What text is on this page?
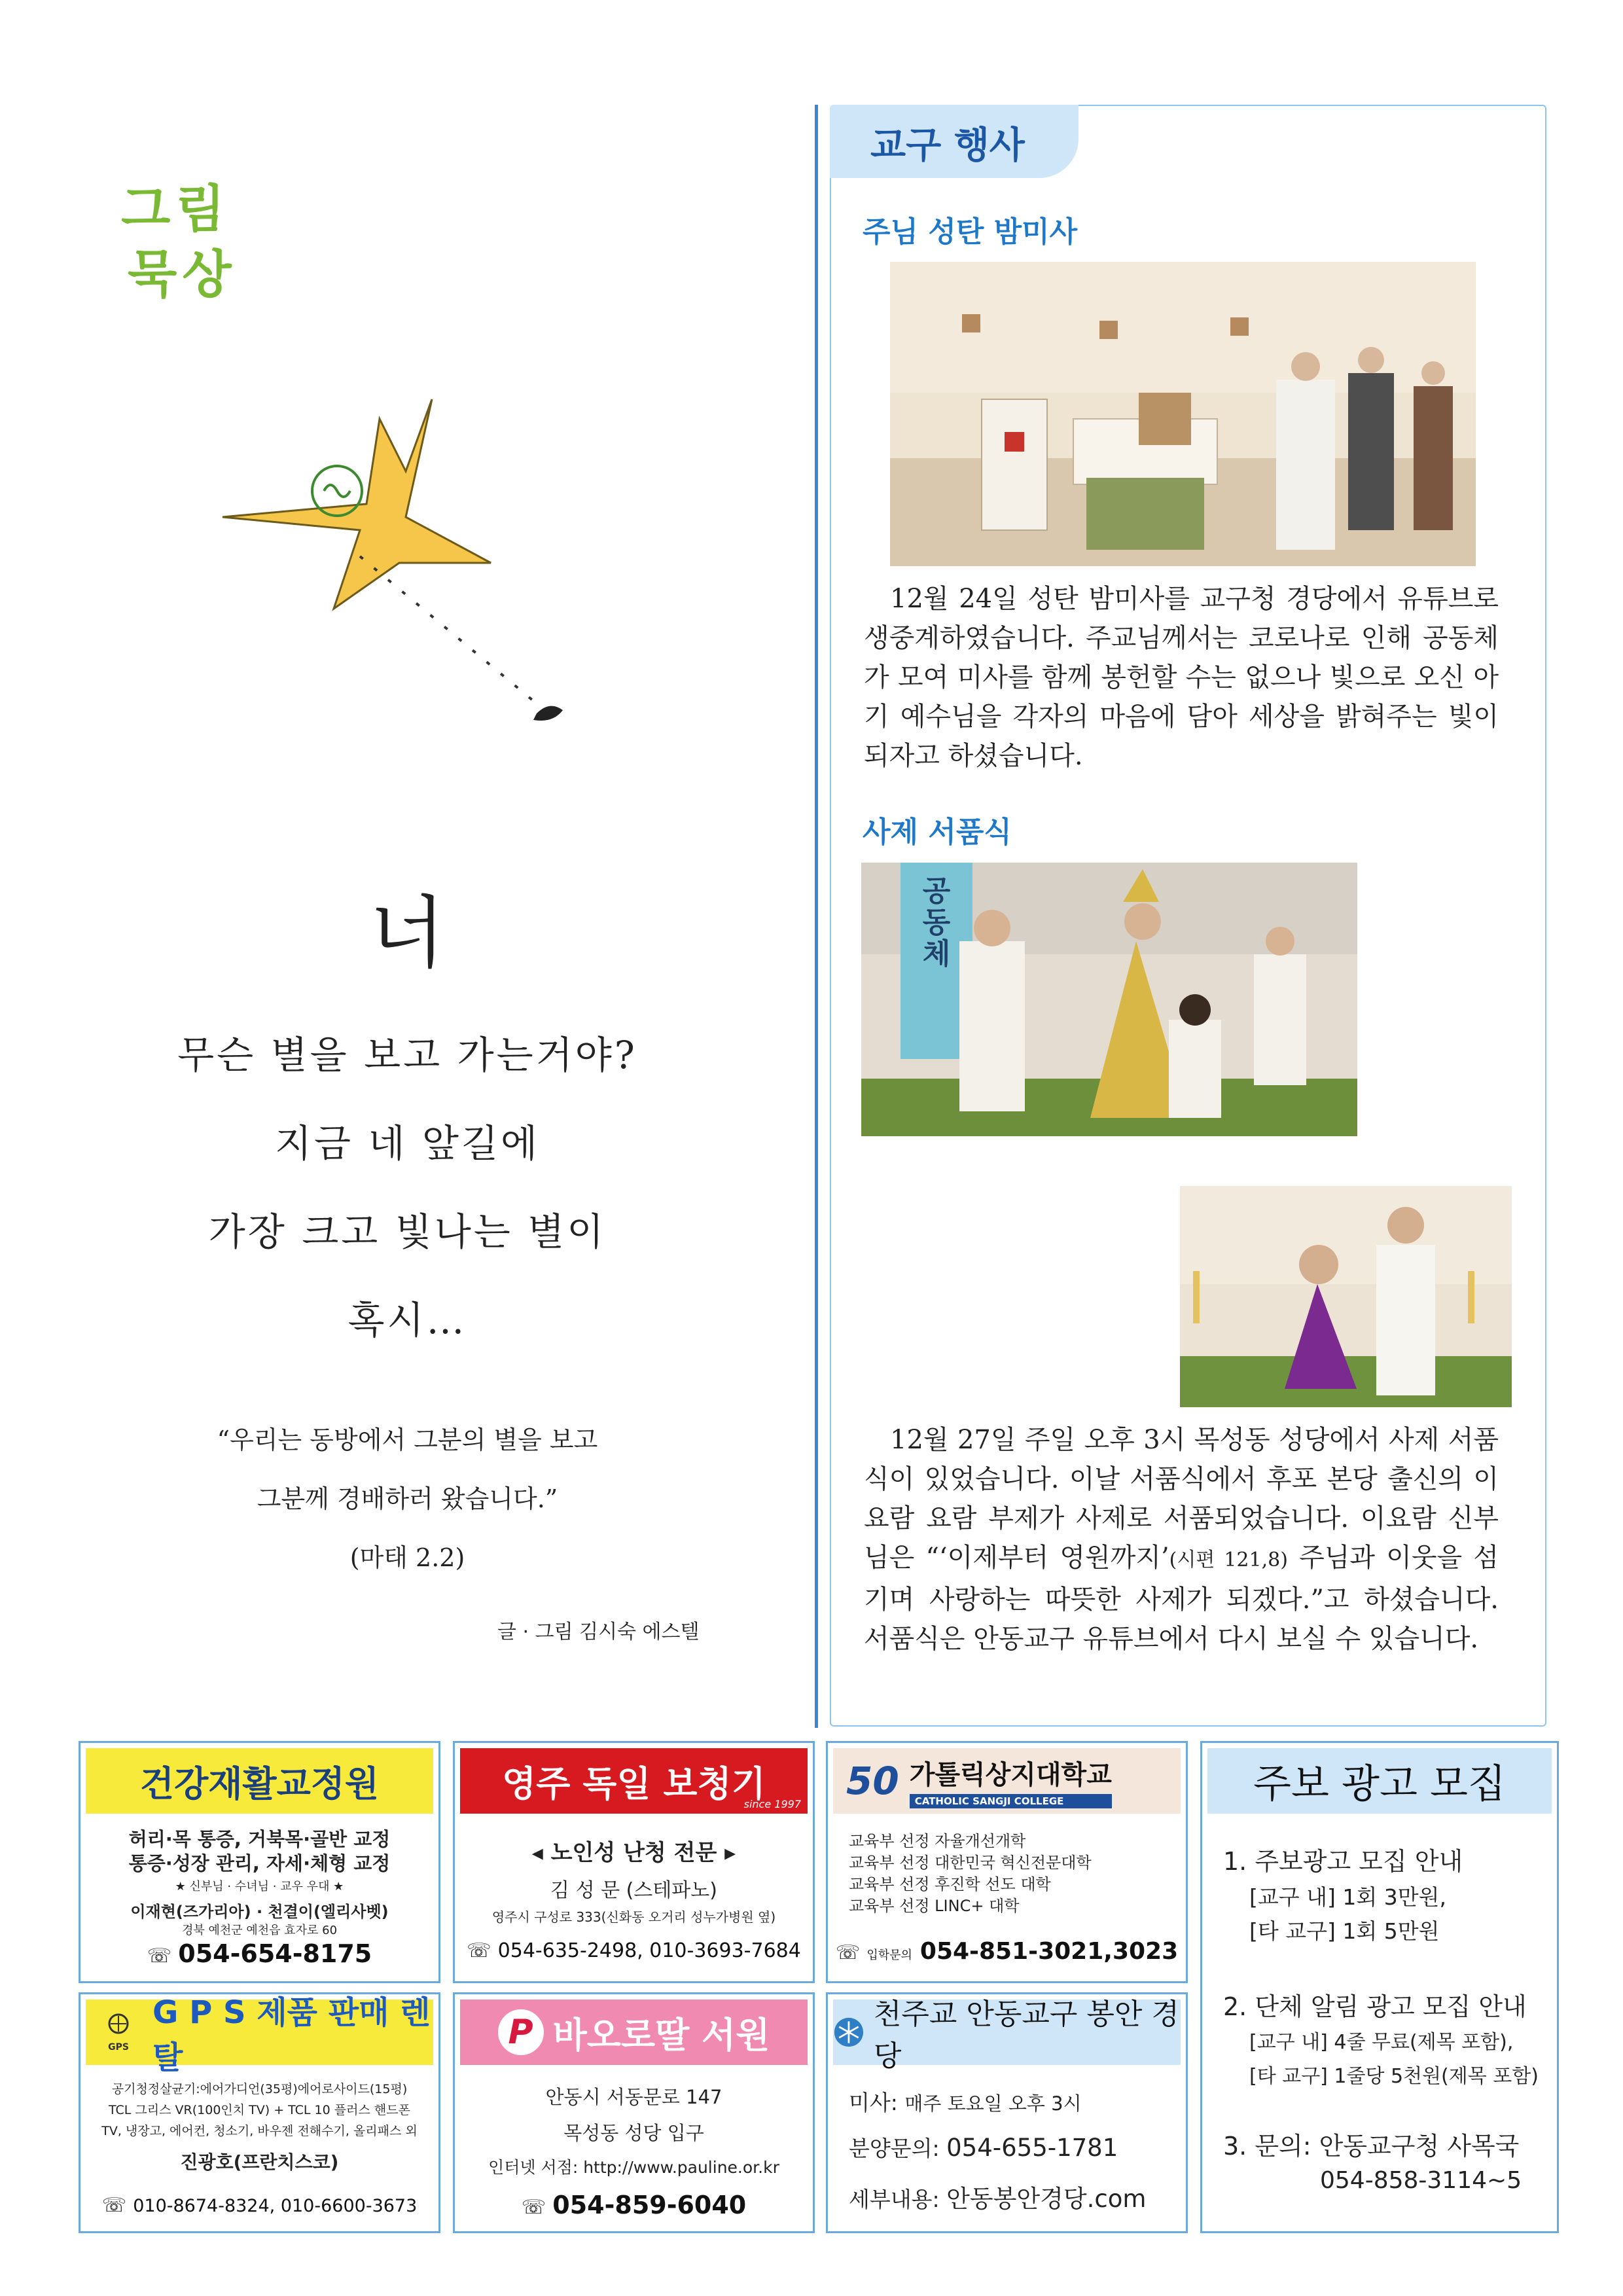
그림
묵상
너
무슨 별을 보고 가는거야?
지금 네 앞길에
가장 크고 빛나는 별이
혹시…
“우리는 동방에서 그분의 별을 보고
그분께 경배하러 왔습니다.”
(마태 2.2)
글 · 그림 김시숙 에스텔
교구 행사
주님 성탄 밤미사
12월 24일 성탄 밤미사를 교구청 경당에서 유튜브로 생중계하였습니다. 주교님께서는 코로나로 인해 공동체가 모여 미사를 함께 봉헌할 수는 없으나 빛으로 오신 아기 예수님을 각자의 마음에 담아 세상을 밝혀주는 빛이 되자고 하셨습니다.
사제 서품식
공동체
12월 27일 주일 오후 3시 목성동 성당에서 사제 서품식이 있었습니다. 이날 서품식에서 후포 본당 출신의 이요람 요람 부제가 사제로 서품되었습니다. 이요람 신부님은 “‘이제부터 영원까지’(시편 121,8) 주님과 이웃을 섬기며 사랑하는 따뜻한 사제가 되겠다.”고 하셨습니다. 서품식은 안동교구 유튜브에서 다시 보실 수 있습니다.
건강재활교정원
허리·목 통증, 거북목·골반 교정
통증·성장 관리, 자세·체형 교정
★ 신부님 · 수녀님 · 교우 우대 ★
이재현(즈가리아) · 천결이(엘리사벳)
경북 예천군 예천읍 효자로 60
☏ 054-654-8175
영주 독일 보청기
since 1997
◂ 노인성 난청 전문 ▸
김 성 문 (스테파노)
영주시 구성로 333(신화동 오거리 성누가병원 옆)
☏ 054-635-2498, 010-3693-7684
50 가톨릭상지대학교
CATHOLIC SANGJI COLLEGE
교육부 선정 자율개선개학
교육부 선정 대한민국 혁신전문대학
교육부 선정 후진학 선도 대학
교육부 선정 LINC+ 대학
☏ 입학문의 054-851-3021,3023
주보 광고 모집
1. 주보광고 모집 안내
[교구 내] 1회 3만원,
[타 교구] 1회 5만원
2. 단체 알림 광고 모집 안내
[교구 내] 4줄 무료(제목 포함),
[타 교구] 1줄당 5천원(제목 포함)
3. 문의: 안동교구청 사목국
054-858-3114~5
GPS
G P S 제품 판매 렌탈
공기청정살균기:에어가디언(35평)에어로사이드(15평)
TCL 그리스 VR(100인치 TV) + TCL 10 플러스 핸드폰
TV, 냉장고, 에어컨, 청소기, 바우젠 전해수기, 올리패스 외
진광호(프란치스코)
☏ 010-8674-8324, 010-6600-3673
P 바오로딸 서원
안동시 서동문로 147
목성동 성당 입구
인터넷 서점: http://www.pauline.or.kr
☏ 054-859-6040
천주교 안동교구 봉안 경당
미사: 매주 토요일 오후 3시
분양문의: 054-655-1781
세부내용: 안동봉안경당.com
